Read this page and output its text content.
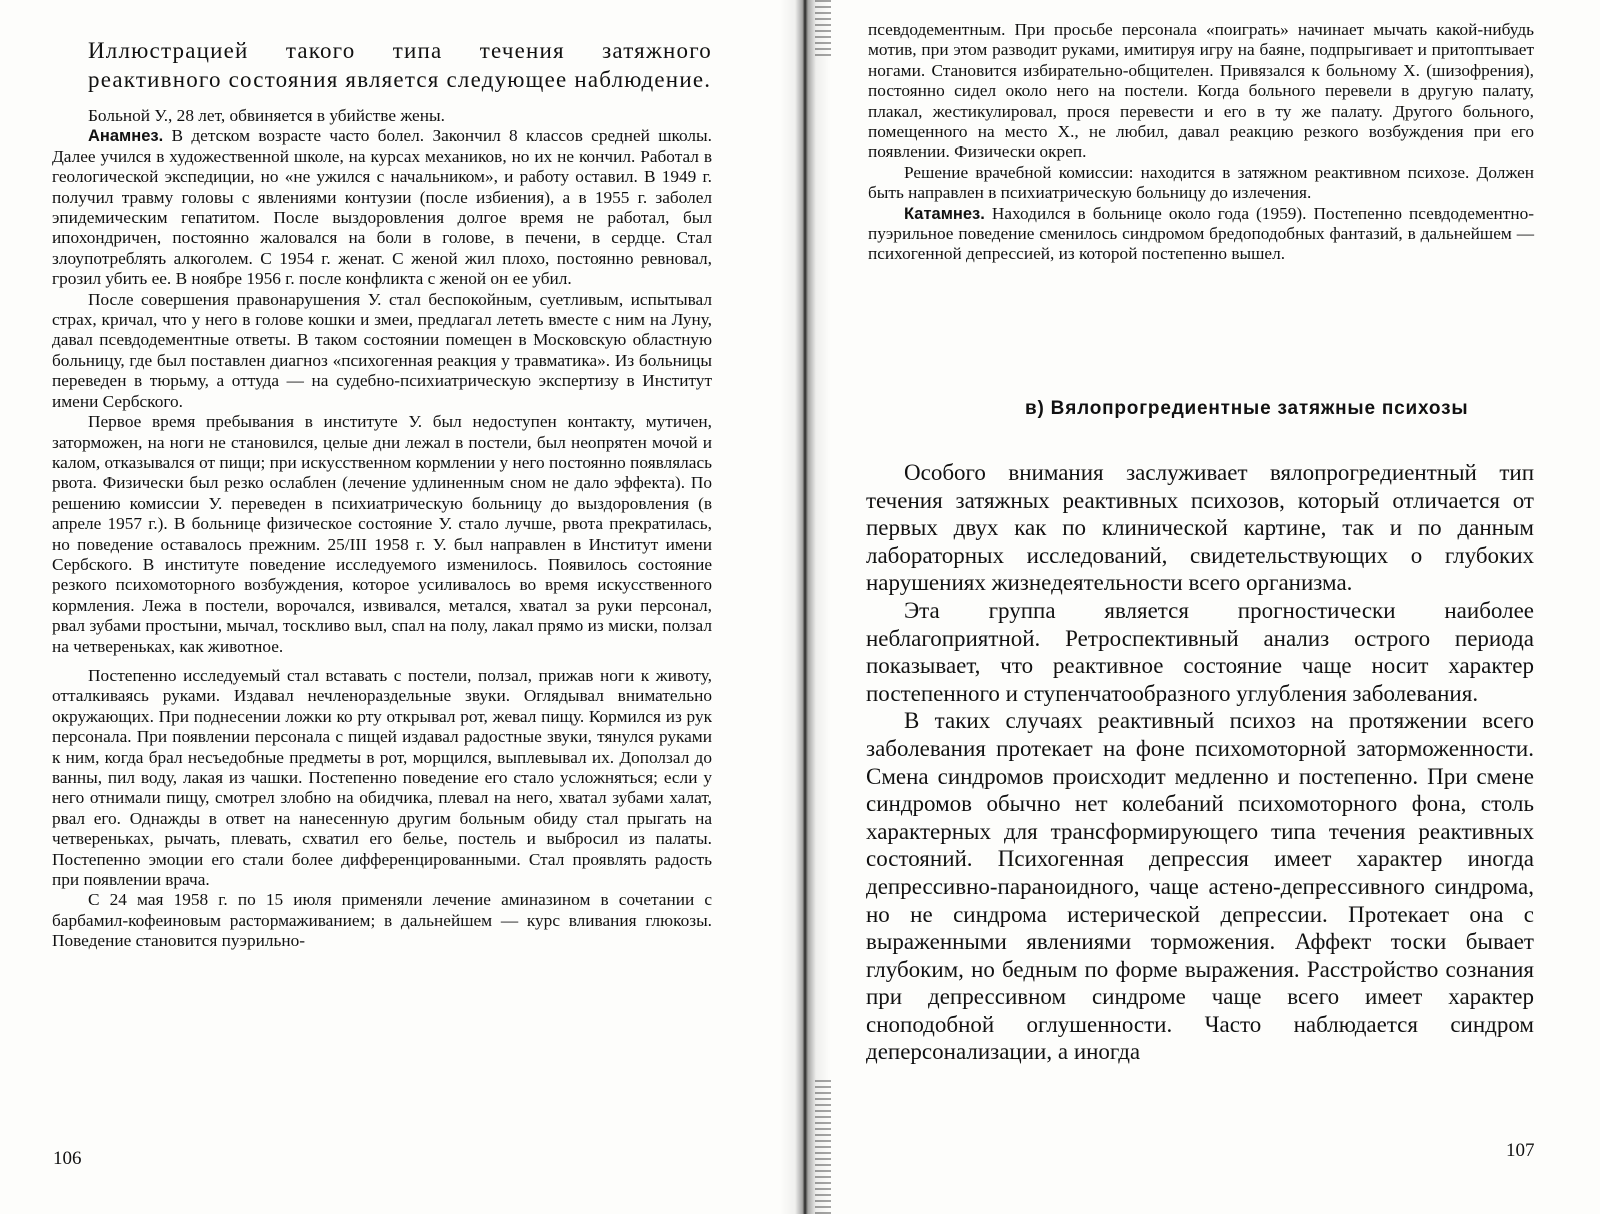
Иллюстрацией такого типа течения затяжного реактивного состояния является следующее наблюдение.

Больной У., 28 лет, обвиняется в убийстве жены.

Анамнез. В детском возрасте часто болел. Закончил 8 классов средней школы. Далее учился в художественной школе, на курсах механиков, но их не кончил. Работал в геологической экспедиции, но «не ужился с начальником», и работу оставил. В 1949 г. получил травму головы с явлениями контузии (после избиения), а в 1955 г. заболел эпидемическим гепатитом. После выздоровления долгое время не работал, был ипохондричен, постоянно жаловался на боли в голове, в печени, в сердце. Стал злоупотреблять алкоголем. С 1954 г. женат. С женой жил плохо, постоянно ревновал, грозил убить ее. В ноябре 1956 г. после конфликта с женой он ее убил.

После совершения правонарушения У. стал беспокойным, суетливым, испытывал страх, кричал, что у него в голове кошки и змеи, предлагал лететь вместе с ним на Луну, давал псевдодементные ответы. В таком состоянии помещен в Московскую областную больницу, где был поставлен диагноз «психогенная реакция у травматика». Из больницы переведен в тюрьму, а оттуда — на судебно-психиатрическую экспертизу в Институт имени Сербского.

Первое время пребывания в институте У. был недоступен контакту, мутичен, заторможен, на ноги не становился, целые дни лежал в постели, был неопрятен мочой и калом, отказывался от пищи; при искусственном кормлении у него постоянно появлялась рвота. Физически был резко ослаблен (лечение удлиненным сном не дало эффекта). По решению комиссии У. переведен в психиатрическую больницу до выздоровления (в апреле 1957 г.). В больнице физическое состояние У. стало лучше, рвота прекратилась, но поведение оставалось прежним. 25/III 1958 г. У. был направлен в Институт имени Сербского. В институте поведение исследуемого изменилось. Появилось состояние резкого психомоторного возбуждения, которое усиливалось во время искусственного кормления. Лежа в постели, ворочался, извивался, метался, хватал за руки персонал, рвал зубами простыни, мычал, тоскливо выл, спал на полу, лакал прямо из миски, ползал на четвереньках, как животное.

Постепенно исследуемый стал вставать с постели, ползал, прижав ноги к животу, отталкиваясь руками. Издавал нечленораздельные звуки. Оглядывал внимательно окружающих. При поднесении ложки ко рту открывал рот, жевал пищу. Кормился из рук персонала. При появлении персонала с пищей издавал радостные звуки, тянулся руками к ним, когда брал несъедобные предметы в рот, морщился, выплевывал их. Доползал до ванны, пил воду, лакая из чашки. Постепенно поведение его стало усложняться; если у него отнимали пищу, смотрел злобно на обидчика, плевал на него, хватал зубами халат, рвал его. Однажды в ответ на нанесенную другим больным обиду стал прыгать на четвереньках, рычать, плевать, схватил его белье, постель и выбросил из палаты. Постепенно эмоции его стали более дифференцированными. Стал проявлять радость при появлении врача.

С 24 мая 1958 г. по 15 июля применяли лечение аминазином в сочетании с барбамил-кофеиновым растормаживанием; в дальнейшем — курс вливания глюкозы. Поведение становится пуэрильно-

106

псевдодементным. При просьбе персонала «поиграть» начинает мычать какой-нибудь мотив, при этом разводит руками, имитируя игру на баяне, подпрыгивает и притоптывает ногами. Становится избирательно-общителен. Привязался к больному Х. (шизофрения), постоянно сидел около него на постели. Когда больного перевели в другую палату, плакал, жестикулировал, прося перевести и его в ту же палату. Другого больного, помещенного на место Х., не любил, давал реакцию резкого возбуждения при его появлении. Физически окреп.

Решение врачебной комиссии: находится в затяжном реактивном психозе. Должен быть направлен в психиатрическую больницу до излечения.

Катамнез. Находился в больнице около года (1959). Постепенно псевдодементно-пуэрильное поведение сменилось синдромом бредоподобных фантазий, в дальнейшем — психогенной депрессией, из которой постепенно вышел.

в) Вялопрогредиентные затяжные психозы

Особого внимания заслуживает вялопрогредиентный тип течения затяжных реактивных психозов, который отличается от первых двух как по клинической картине, так и по данным лабораторных исследований, свидетельствующих о глубоких нарушениях жизнедеятельности всего организма.

Эта группа является прогностически наиболее неблагоприятной. Ретроспективный анализ острого периода показывает, что реактивное состояние чаще носит характер постепенного и ступенчатообразного углубления заболевания.

В таких случаях реактивный психоз на протяжении всего заболевания протекает на фоне психомоторной заторможенности. Смена синдромов происходит медленно и постепенно. При смене синдромов обычно нет колебаний психомоторного фона, столь характерных для трансформирующего типа течения реактивных состояний. Психогенная депрессия имеет характер иногда депрессивно-параноидного, чаще астено-депрессивного синдрома, но не синдрома истерической депрессии. Протекает она с выраженными явлениями торможения. Аффект тоски бывает глубоким, но бедным по форме выражения. Расстройство сознания при депрессивном синдроме чаще всего имеет характер сноподобной оглушенности. Часто наблюдается синдром деперсонализации, а иногда

107
